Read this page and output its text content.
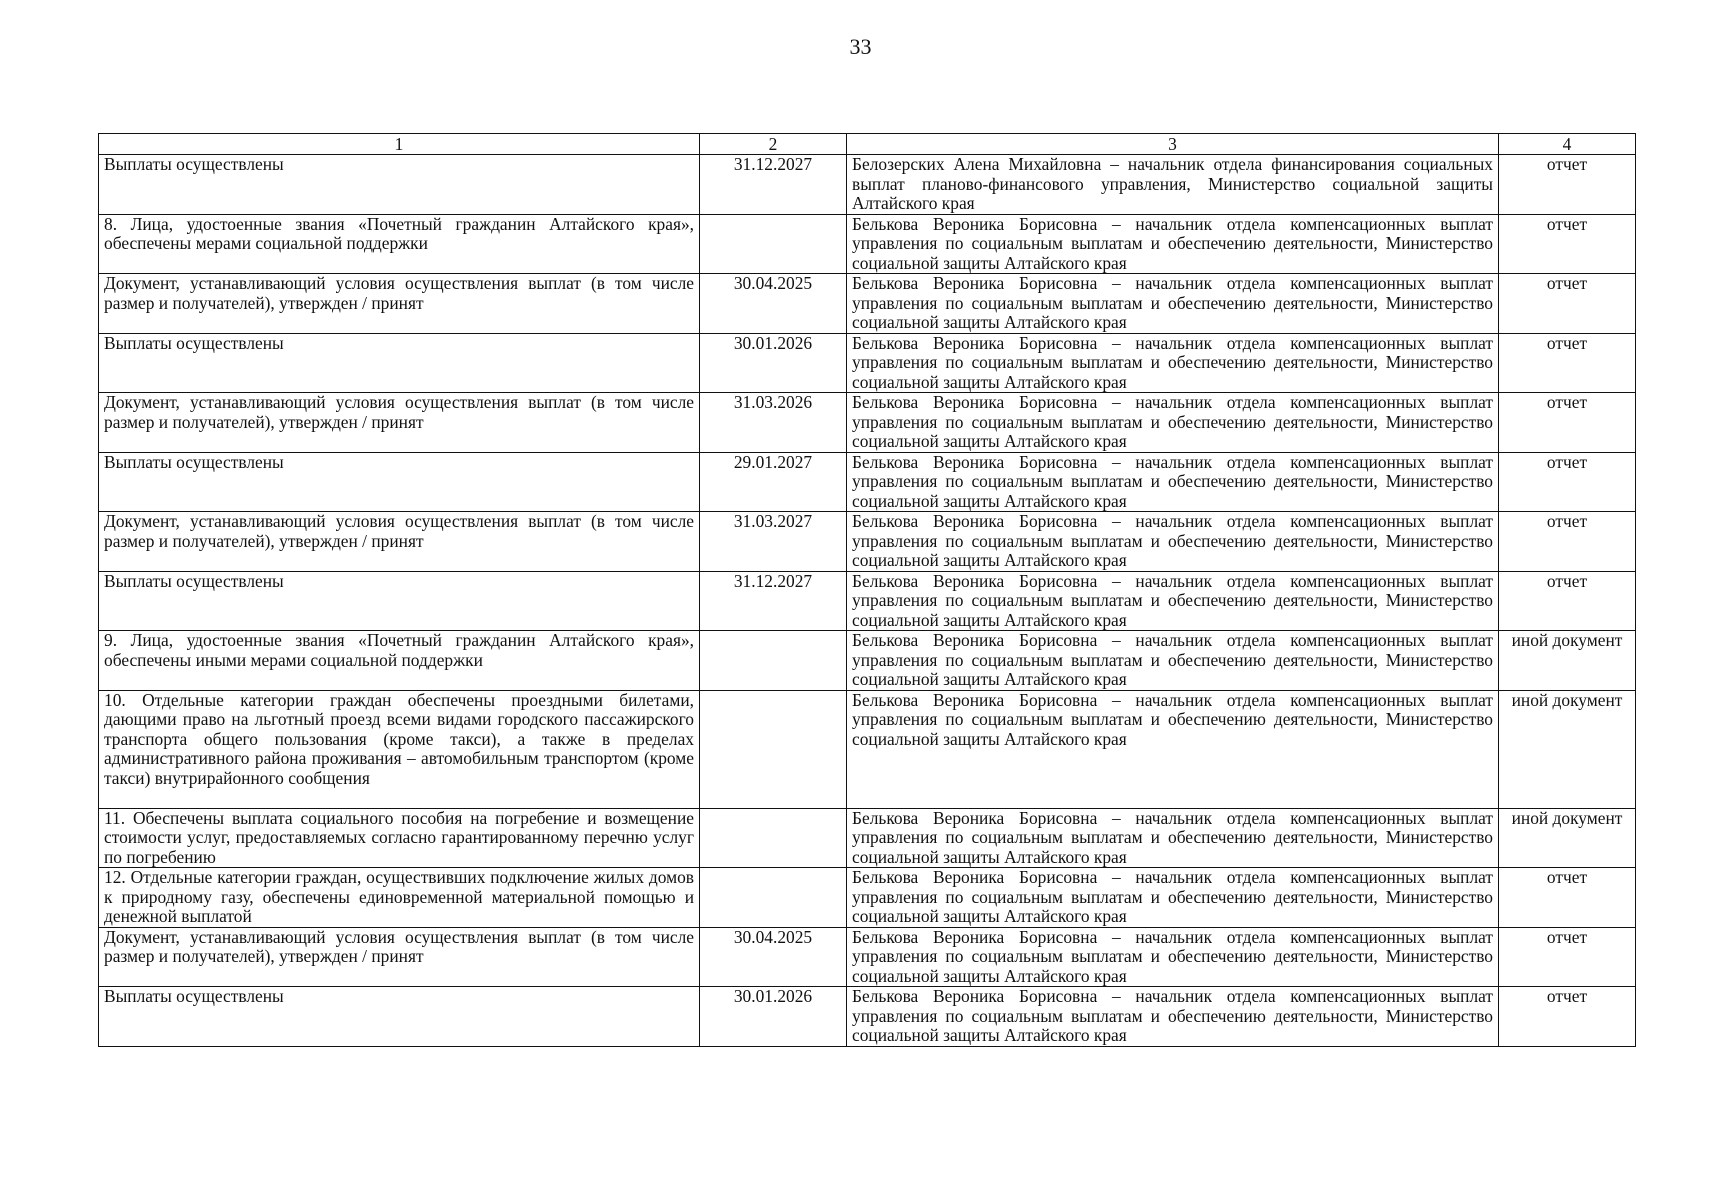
33
1	2	3	4
Выплаты осуществлены	31.12.2027	Белозерских Алена Михайловна – начальник отдела финансирования социальных выплат планово-финансового управления, Министерство социальной защиты Алтайского края	отчет
8. Лица, удостоенные звания «Почетный гражданин Алтайского края», обеспечены мерами социальной поддержки		Белькова Вероника Борисовна – начальник отдела компенсационных выплат управления по социальным выплатам и обеспечению деятельности, Министерство социальной защиты Алтайского края	отчет
Документ, устанавливающий условия осуществления выплат (в том числе размер и получателей), утвержден / принят	30.04.2025	Белькова Вероника Борисовна – начальник отдела компенсационных выплат управления по социальным выплатам и обеспечению деятельности, Министерство социальной защиты Алтайского края	отчет
Выплаты осуществлены	30.01.2026	Белькова Вероника Борисовна – начальник отдела компенсационных выплат управления по социальным выплатам и обеспечению деятельности, Министерство социальной защиты Алтайского края	отчет
Документ, устанавливающий условия осуществления выплат (в том числе размер и получателей), утвержден / принят	31.03.2026	Белькова Вероника Борисовна – начальник отдела компенсационных выплат управления по социальным выплатам и обеспечению деятельности, Министерство социальной защиты Алтайского края	отчет
Выплаты осуществлены	29.01.2027	Белькова Вероника Борисовна – начальник отдела компенсационных выплат управления по социальным выплатам и обеспечению деятельности, Министерство социальной защиты Алтайского края	отчет
Документ, устанавливающий условия осуществления выплат (в том числе размер и получателей), утвержден / принят	31.03.2027	Белькова Вероника Борисовна – начальник отдела компенсационных выплат управления по социальным выплатам и обеспечению деятельности, Министерство социальной защиты Алтайского края	отчет
Выплаты осуществлены	31.12.2027	Белькова Вероника Борисовна – начальник отдела компенсационных выплат управления по социальным выплатам и обеспечению деятельности, Министерство социальной защиты Алтайского края	отчет
9. Лица, удостоенные звания «Почетный гражданин Алтайского края», обеспечены иными мерами социальной поддержки		Белькова Вероника Борисовна – начальник отдела компенсационных выплат управления по социальным выплатам и обеспечению деятельности, Министерство социальной защиты Алтайского края	иной документ
10. Отдельные категории граждан обеспечены проездными билетами, дающими право на льготный проезд всеми видами городского пассажирского транспорта общего пользования (кроме такси), а также в пределах административного района проживания – автомобильным транспортом (кроме такси) внутрирайонного сообщения		Белькова Вероника Борисовна – начальник отдела компенсационных выплат управления по социальным выплатам и обеспечению деятельности, Министерство социальной защиты Алтайского края	иной документ
11. Обеспечены выплата социального пособия на погребение и возмещение стоимости услуг, предоставляемых согласно гарантированному перечню услуг по погребению		Белькова Вероника Борисовна – начальник отдела компенсационных выплат управления по социальным выплатам и обеспечению деятельности, Министерство социальной защиты Алтайского края	иной документ
12. Отдельные категории граждан, осуществивших подключение жилых домов к природному газу, обеспечены единовременной материальной помощью и денежной выплатой		Белькова Вероника Борисовна – начальник отдела компенсационных выплат управления по социальным выплатам и обеспечению деятельности, Министерство социальной защиты Алтайского края	отчет
Документ, устанавливающий условия осуществления выплат (в том числе размер и получателей), утвержден / принят	30.04.2025	Белькова Вероника Борисовна – начальник отдела компенсационных выплат управления по социальным выплатам и обеспечению деятельности, Министерство социальной защиты Алтайского края	отчет
Выплаты осуществлены	30.01.2026	Белькова Вероника Борисовна – начальник отдела компенсационных выплат управления по социальным выплатам и обеспечению деятельности, Министерство социальной защиты Алтайского края	отчет
